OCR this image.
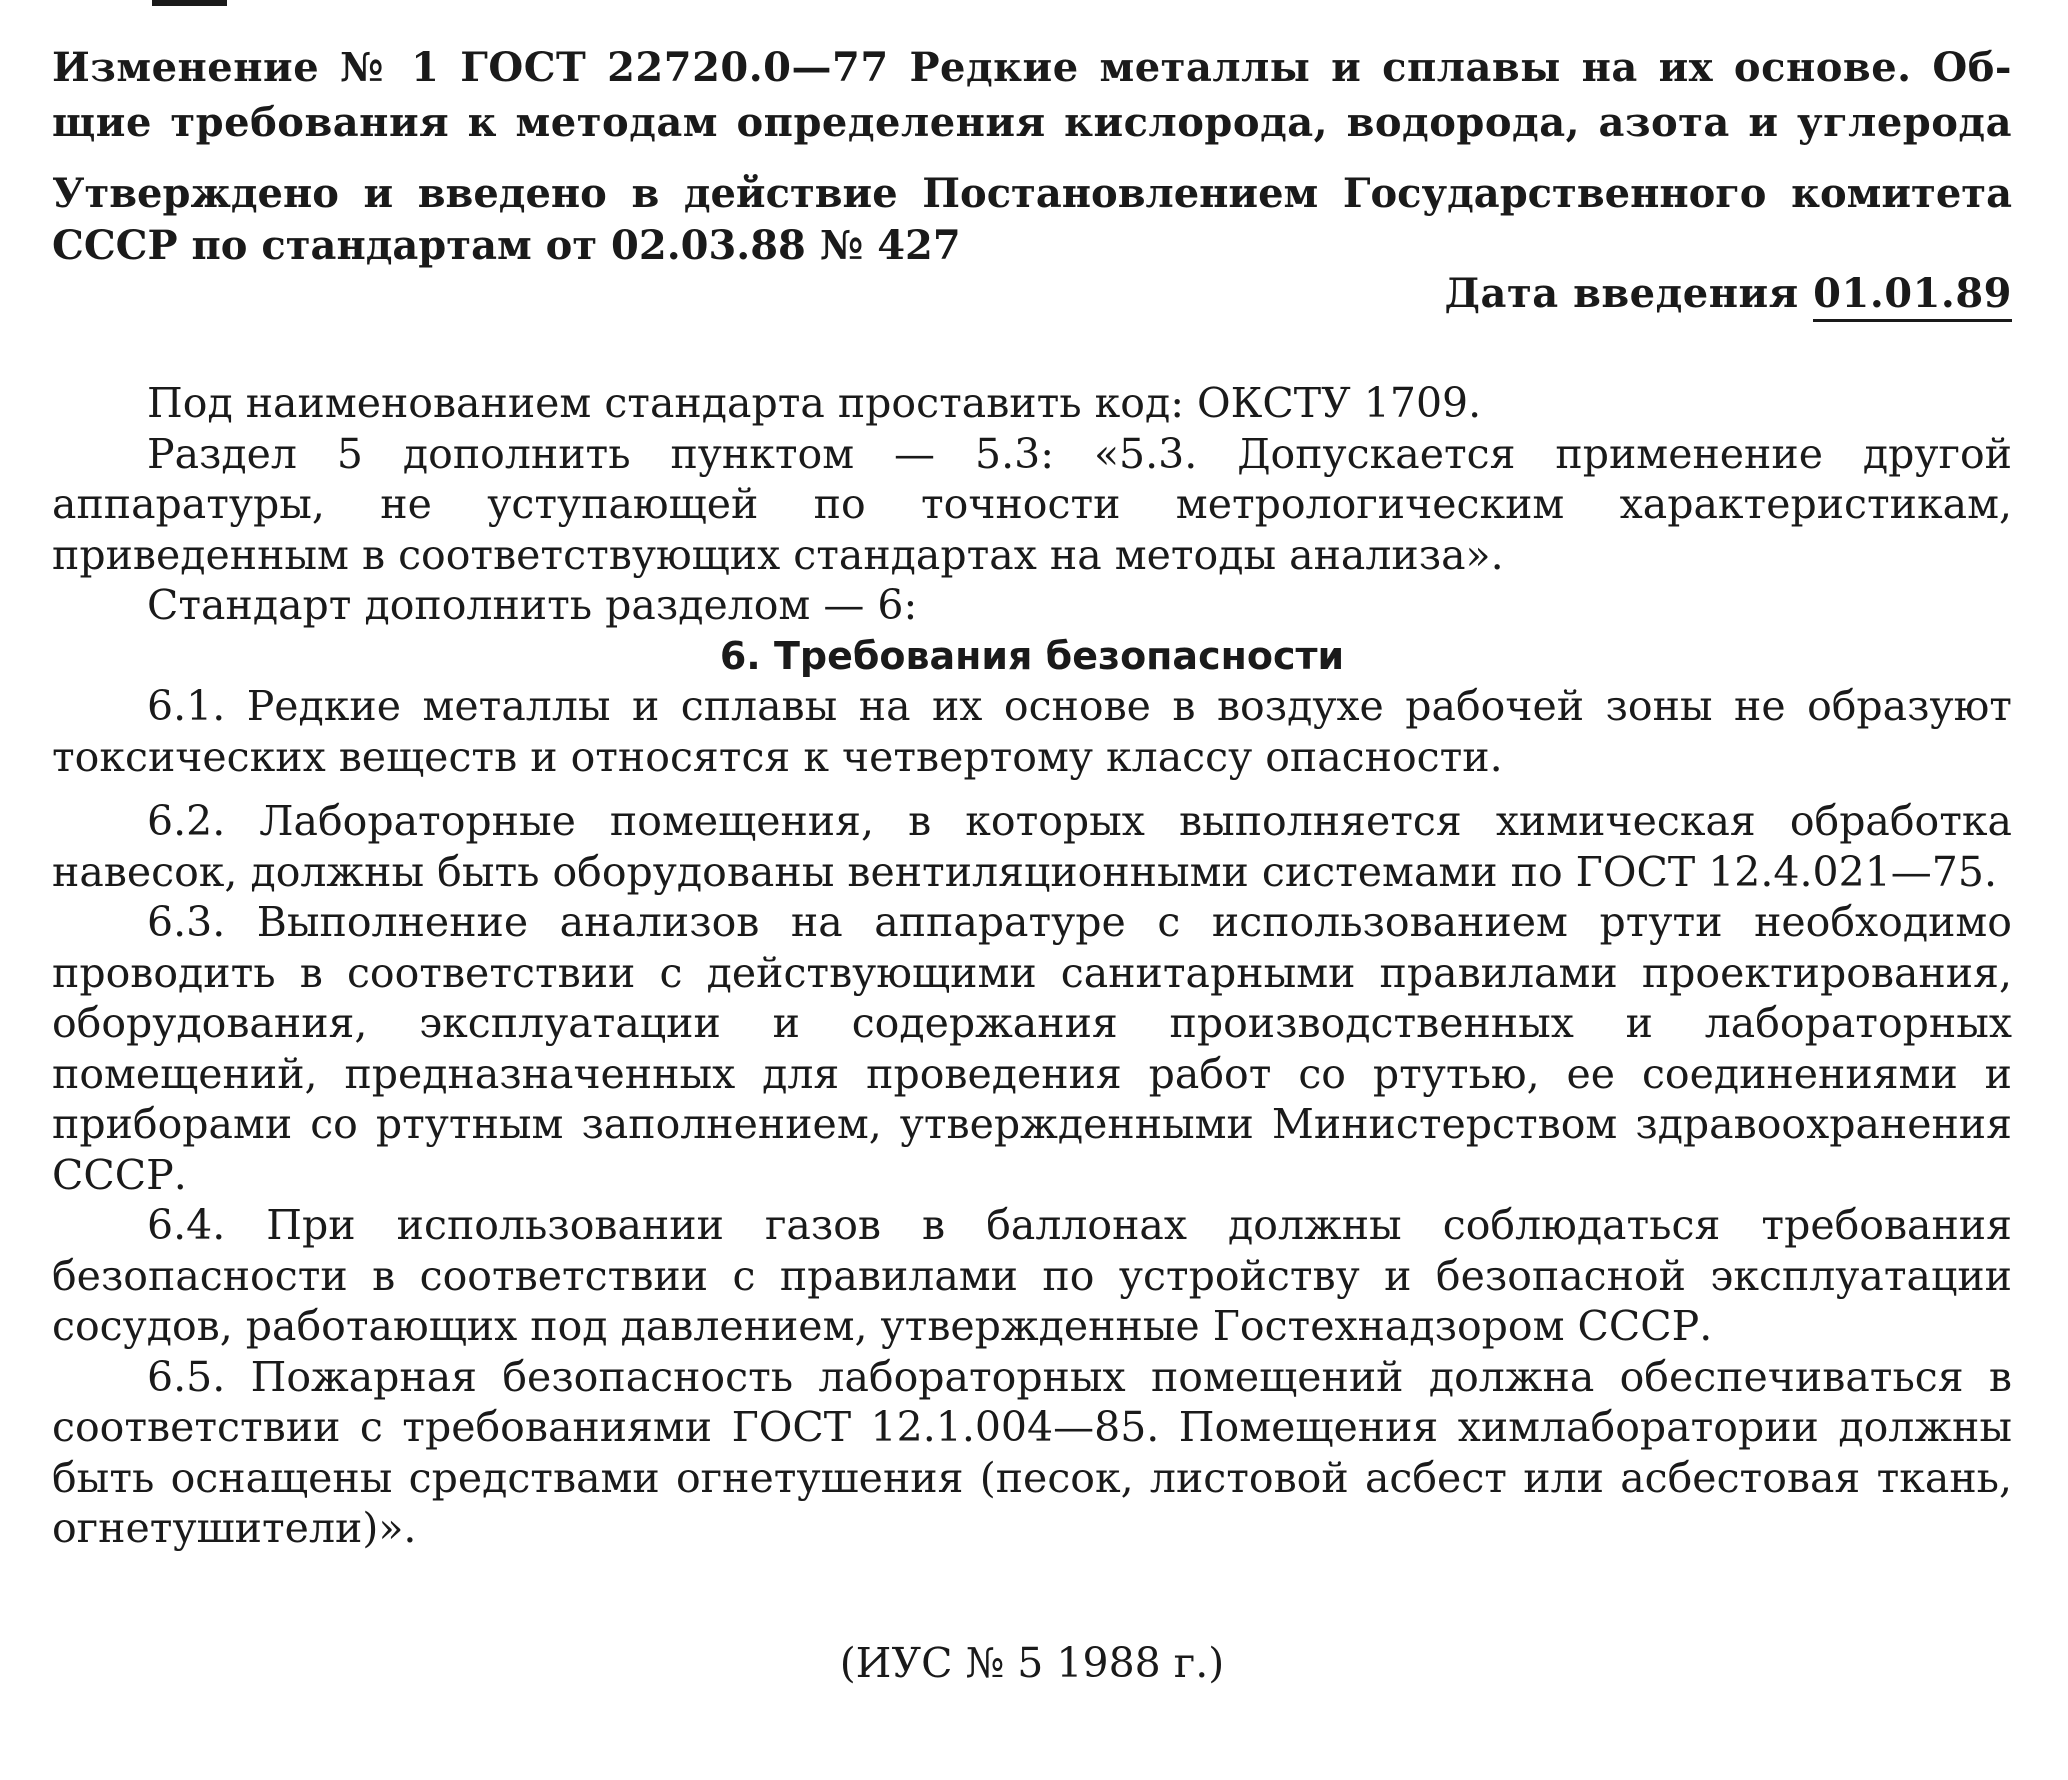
Изменение № 1 ГОСТ 22720.0—77 Редкие металлы и сплавы на их основе. Об-
щие требования к методам определения кислорода, водорода, азота и углерода
Утверждено и введено в действие Постановлением Государственного комитета
СССР по стандартам от 02.03.88 № 427
Дата введения 01.01.89

Под наименованием стандарта проставить код: ОКСТУ 1709.

Раздел 5 дополнить пунктом — 5.3: «5.3. Допускается применение другой аппаратуры, не уступающей по точности метрологическим характеристикам, приведенным в соответствующих стандартах на методы анализа».

Стандарт дополнить разделом — 6:

6. Требования безопасности

6.1. Редкие металлы и сплавы на их основе в воздухе рабочей зоны не образуют токсических веществ и относятся к четвертому классу опасности.

6.2. Лабораторные помещения, в которых выполняется химическая обработка навесок, должны быть оборудованы вентиляционными системами по ГОСТ 12.4.021—75.

6.3. Выполнение анализов на аппаратуре с использованием ртути необходимо проводить в соответствии с действующими санитарными правилами проектирования, оборудования, эксплуатации и содержания производственных и лабораторных помещений, предназначенных для проведения работ со ртутью, ее соединениями и приборами со ртутным заполнением, утвержденными Министерством здравоохранения СССР.

6.4. При использовании газов в баллонах должны соблюдаться требования безопасности в соответствии с правилами по устройству и безопасной эксплуатации сосудов, работающих под давлением, утвержденные Гостехнадзором СССР.

6.5. Пожарная безопасность лабораторных помещений должна обеспечиваться в соответствии с требованиями ГОСТ 12.1.004—85. Помещения химлаборатории должны быть оснащены средствами огнетушения (песок, листовой асбест или асбестовая ткань, огнетушители)».

(ИУС № 5 1988 г.)
